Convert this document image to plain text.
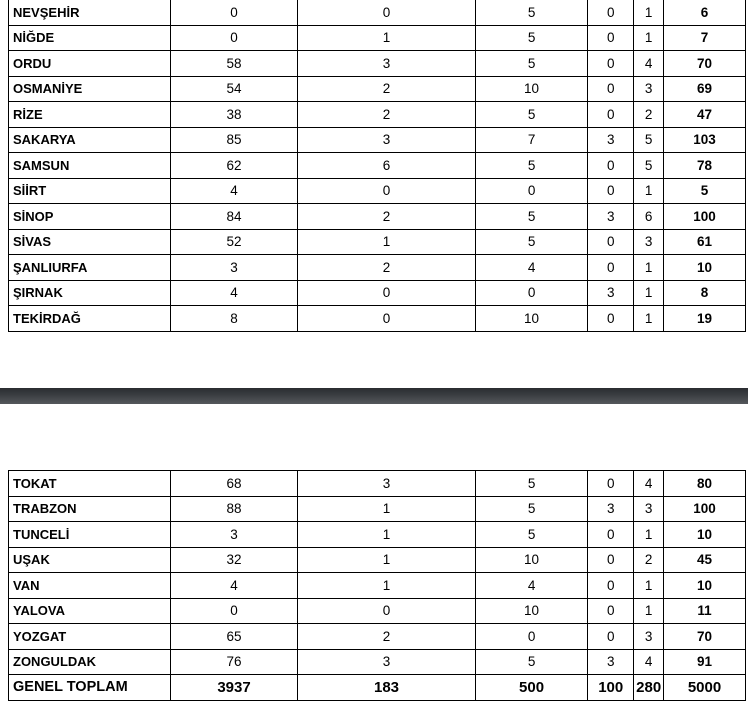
NEVŞEHİR	0	0	5	0	1	6
NİĞDE	0	1	5	0	1	7
ORDU	58	3	5	0	4	70
OSMANİYE	54	2	10	0	3	69
RİZE	38	2	5	0	2	47
SAKARYA	85	3	7	3	5	103
SAMSUN	62	6	5	0	5	78
SİİRT	4	0	0	0	1	5
SİNOP	84	2	5	3	6	100
SİVAS	52	1	5	0	3	61
ŞANLIURFA	3	2	4	0	1	10
ŞIRNAK	4	0	0	3	1	8
TEKİRDAĞ	8	0	10	0	1	19
TOKAT	68	3	5	0	4	80
TRABZON	88	1	5	3	3	100
TUNCELİ	3	1	5	0	1	10
UŞAK	32	1	10	0	2	45
VAN	4	1	4	0	1	10
YALOVA	0	0	10	0	1	11
YOZGAT	65	2	0	0	3	70
ZONGULDAK	76	3	5	3	4	91
GENEL TOPLAM	3937	183	500	100	280	5000
